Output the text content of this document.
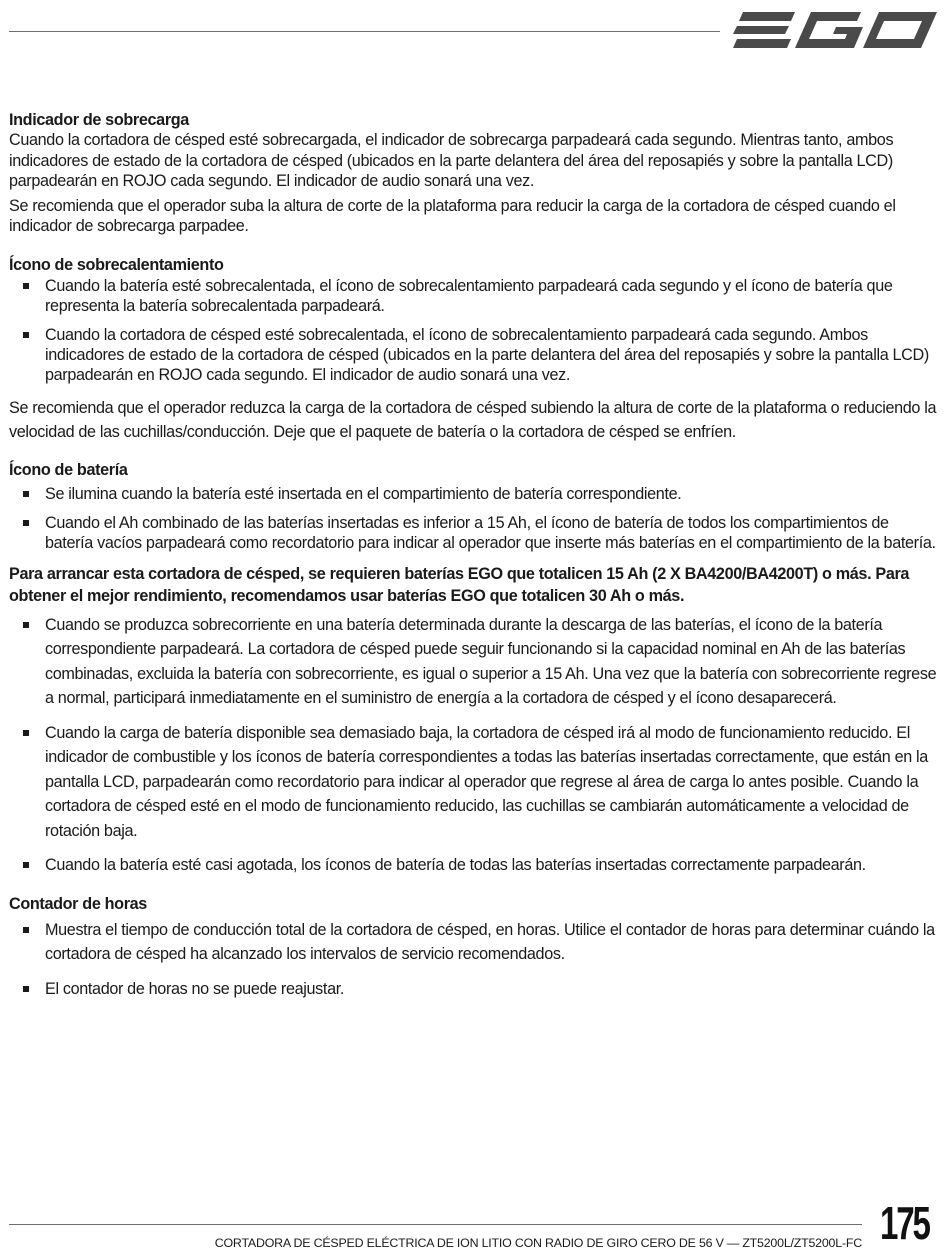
Indicador de sobrecarga

Cuando la cortadora de césped esté sobrecargada, el indicador de sobrecarga parpadeará cada segundo. Mientras tanto, ambos indicadores de estado de la cortadora de césped (ubicados en la parte delantera del área del reposapiés y sobre la pantalla LCD) parpadearán en ROJO cada segundo. El indicador de audio sonará una vez.

Se recomienda que el operador suba la altura de corte de la plataforma para reducir la carga de la cortadora de césped cuando el indicador de sobrecarga parpadee.

Ícono de sobrecalentamiento

Cuando la batería esté sobrecalentada, el ícono de sobrecalentamiento parpadeará cada segundo y el ícono de batería que representa la batería sobrecalentada parpadeará.
Cuando la cortadora de césped esté sobrecalentada, el ícono de sobrecalentamiento parpadeará cada segundo. Ambos indicadores de estado de la cortadora de césped (ubicados en la parte delantera del área del reposapiés y sobre la pantalla LCD) parpadearán en ROJO cada segundo. El indicador de audio sonará una vez.

Se recomienda que el operador reduzca la carga de la cortadora de césped subiendo la altura de corte de la plataforma o reduciendo la velocidad de las cuchillas/conducción. Deje que el paquete de batería o la cortadora de césped se enfríen.

Ícono de batería

Se ilumina cuando la batería esté insertada en el compartimiento de batería correspondiente.
Cuando el Ah combinado de las baterías insertadas es inferior a 15 Ah, el ícono de batería de todos los compartimientos de batería vacíos parpadeará como recordatorio para indicar al operador que inserte más baterías en el compartimiento de la batería.

Para arrancar esta cortadora de césped, se requieren baterías EGO que totalicen 15 Ah (2 X BA4200/BA4200T) o más. Para obtener el mejor rendimiento, recomendamos usar baterías EGO que totalicen 30 Ah o más.

Cuando se produzca sobrecorriente en una batería determinada durante la descarga de las baterías, el ícono de la batería correspondiente parpadeará. La cortadora de césped puede seguir funcionando si la capacidad nominal en Ah de las baterías combinadas, excluida la batería con sobrecorriente, es igual o superior a 15 Ah. Una vez que la batería con sobrecorriente regrese a normal, participará inmediatamente en el suministro de energía a la cortadora de césped y el ícono desaparecerá.
Cuando la carga de batería disponible sea demasiado baja, la cortadora de césped irá al modo de funcionamiento reducido. El indicador de combustible y los íconos de batería correspondientes a todas las baterías insertadas correctamente, que están en la pantalla LCD, parpadearán como recordatorio para indicar al operador que regrese al área de carga lo antes posible. Cuando la cortadora de césped esté en el modo de funcionamiento reducido, las cuchillas se cambiarán automáticamente a velocidad de rotación baja.
Cuando la batería esté casi agotada, los íconos de batería de todas las baterías insertadas correctamente parpadearán.

Contador de horas

Muestra el tiempo de conducción total de la cortadora de césped, en horas. Utilice el contador de horas para determinar cuándo la cortadora de césped ha alcanzado los intervalos de servicio recomendados.
El contador de horas no se puede reajustar.
CORTADORA DE CÉSPED ELÉCTRICA DE ION LITIO CON RADIO DE GIRO CERO DE 56 V — ZT5200L/ZT5200L-FC 175
